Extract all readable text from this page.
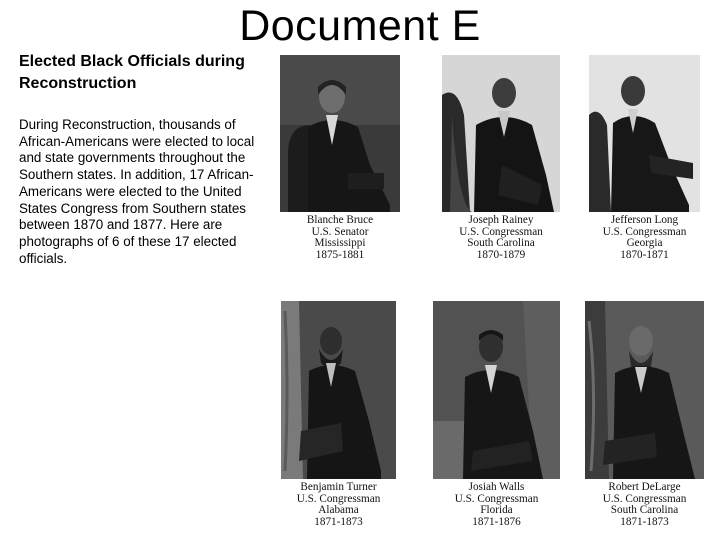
Document E
Elected Black Officials during Reconstruction
During Reconstruction, thousands of African-Americans were elected to local and state governments throughout the Southern states. In addition, 17 African-Americans were elected to the United States Congress from Southern states between 1870 and 1877. Here are photographs of 6 of these 17 elected officials.
Blanche Bruce
U.S. Senator
Mississippi
1875-1881
Joseph Rainey
U.S. Congressman
South Carolina
1870-1879
Jefferson Long
U.S. Congressman
Georgia
1870-1871
Benjamin Turner
U.S. Congressman
Alabama
1871-1873
Josiah Walls
U.S. Congressman
Florida
1871-1876
Robert DeLarge
U.S. Congressman
South Carolina
1871-1873
